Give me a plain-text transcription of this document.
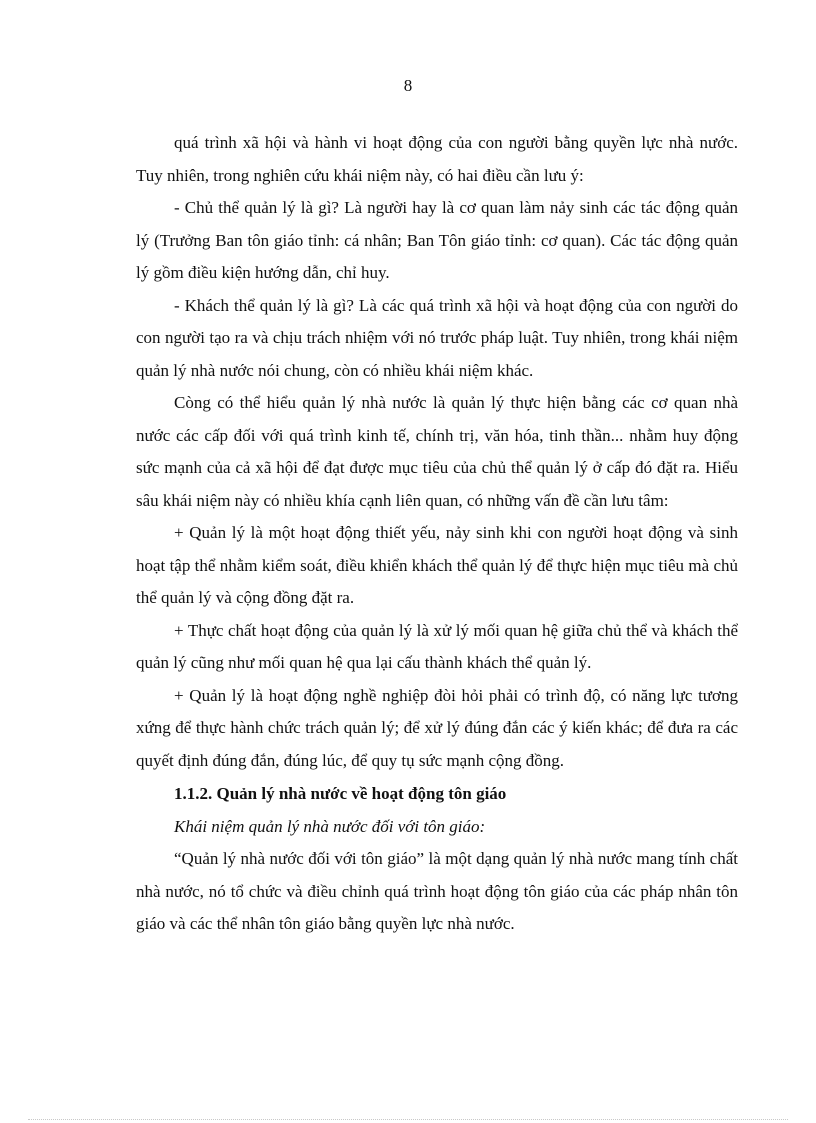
8

quá trình xã hội và hành vi hoạt động của con người bằng quyền lực nhà nước. Tuy nhiên, trong nghiên cứu khái niệm này, có hai điều cần lưu ý:

- Chủ thể quản lý là gì? Là người hay là cơ quan làm nảy sinh các tác động quản lý (Trưởng Ban tôn giáo tỉnh: cá nhân; Ban Tôn giáo tỉnh: cơ quan). Các tác động quản lý gồm điều kiện hướng dẫn, chỉ huy.

- Khách thể quản lý là gì? Là các quá trình xã hội và hoạt động của con người do con người tạo ra và chịu trách nhiệm với nó trước pháp luật. Tuy nhiên, trong khái niệm quản lý nhà nước nói chung, còn có nhiều khái niệm khác.

Còng có thể hiểu quản lý nhà nước là quản lý thực hiện bằng các cơ quan nhà nước các cấp đối với quá trình kinh tế, chính trị, văn hóa, tinh thần... nhằm huy động sức mạnh của cả xã hội để đạt được mục tiêu của chủ thể quản lý ở cấp đó đặt ra. Hiểu sâu khái niệm này có nhiều khía cạnh liên quan, có những vấn đề cần lưu tâm:

+ Quản lý là một hoạt động thiết yếu, nảy sinh khi con người hoạt động và sinh hoạt tập thể nhằm kiểm soát, điều khiển khách thể quản lý để thực hiện mục tiêu mà chủ thể quản lý và cộng đồng đặt ra.

+ Thực chất hoạt động của quản lý là xử lý mối quan hệ giữa chủ thể và khách thể quản lý cũng như mối quan hệ qua lại cấu thành khách thể quản lý.

+ Quản lý là hoạt động nghề nghiệp đòi hỏi phải có trình độ, có năng lực tương xứng để thực hành chức trách quản lý; để xử lý đúng đắn các ý kiến khác; để đưa ra các quyết định đúng đắn, đúng lúc, để quy tụ sức mạnh cộng đồng.

1.1.2. Quản lý nhà nước về hoạt động tôn giáo

Khái niệm quản lý nhà nước đối với tôn giáo:

“Quản lý nhà nước đối với tôn giáo” là một dạng quản lý nhà nước mang tính chất nhà nước, nó tổ chức và điều chỉnh quá trình hoạt động tôn giáo của các pháp nhân tôn giáo và các thể nhân tôn giáo bằng quyền lực nhà nước.
